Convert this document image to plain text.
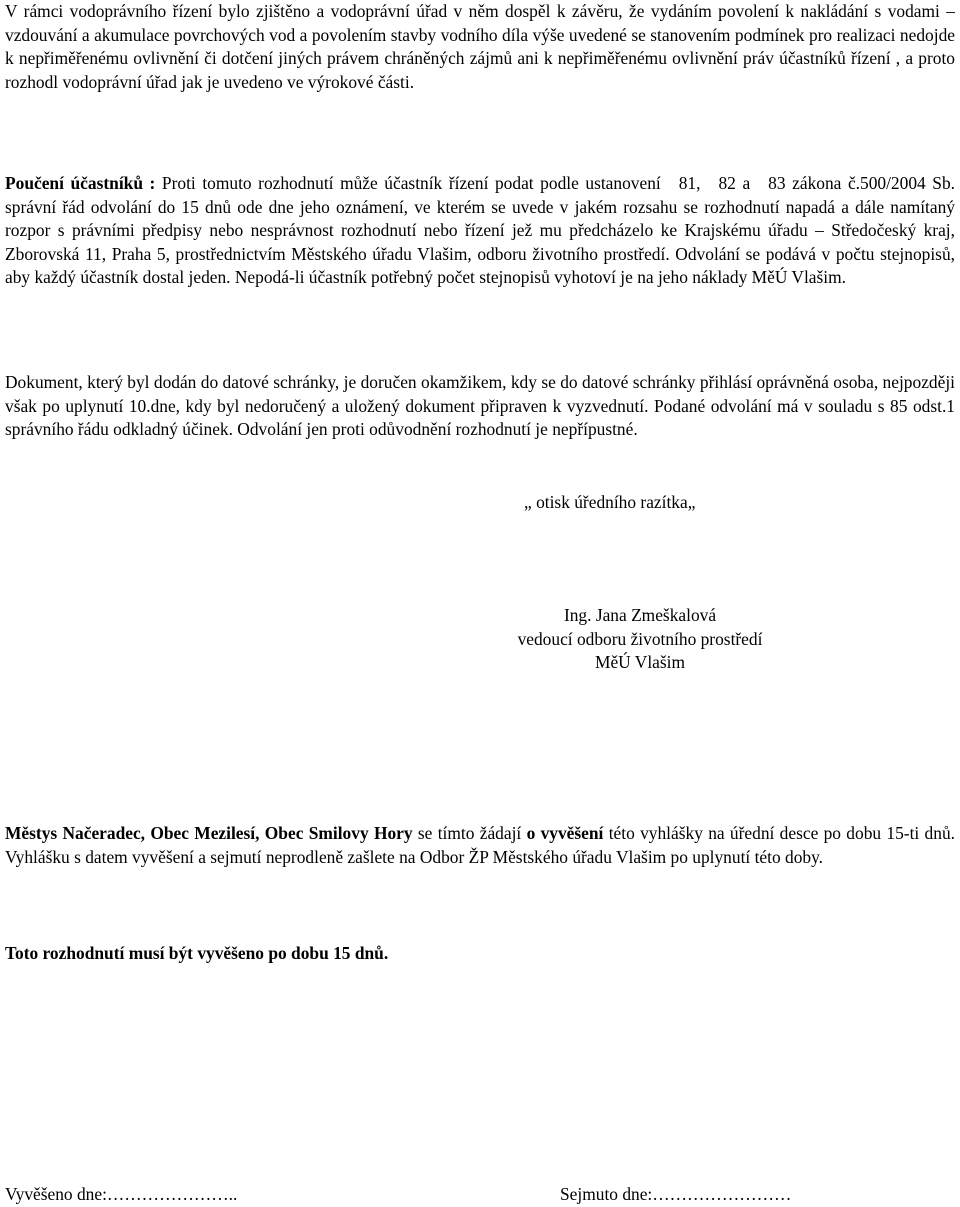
V rámci vodoprávního řízení bylo zjištěno a vodoprávní úřad v něm dospěl k závěru, že vydáním povolení k nakládání s vodami – vzdouvání a akumulace povrchových vod a povolením stavby vodního díla výše uvedené se stanovením podmínek pro realizaci nedojde k nepřiměřenému ovlivnění či dotčení jiných právem chráněných zájmů ani k nepřiměřenému ovlivnění práv účastníků řízení , a proto rozhodl vodoprávní úřad jak je uvedeno ve výrokové části.
Poučení účastníků : Proti tomuto rozhodnutí může účastník řízení podat podle ustanovení 81, 82 a 83 zákona č.500/2004 Sb. správní řád odvolání do 15 dnů ode dne jeho oznámení, ve kterém se uvede v jakém rozsahu se rozhodnutí napadá a dále namítaný rozpor s právními předpisy nebo nesprávnost rozhodnutí nebo řízení jež mu předcházelo ke Krajskému úřadu – Středočeský kraj, Zborovská 11, Praha 5, prostřednictvím Městského úřadu Vlašim, odboru životního prostředí. Odvolání se podává v počtu stejnopisů, aby každý účastník dostal jeden. Nepodá-li účastník potřebný počet stejnopisů vyhotoví je na jeho náklady MěÚ Vlašim.
Dokument, který byl dodán do datové schránky, je doručen okamžikem, kdy se do datové schránky přihlásí oprávněná osoba, nejpozději však po uplynutí 10.dne, kdy byl nedoručený a uložený dokument připraven k vyzvednutí. Podané odvolání má v souladu s 85 odst.1 správního řádu odkladný účinek. Odvolání jen proti odůvodnění rozhodnutí je nepřípustné.
„ otisk úředního razítka„
Ing. Jana Zmeškalová
vedoucí odboru životního prostředí
MěÚ Vlašim
Městys Načeradec, Obec Mezilesí, Obec Smilovy Hory se tímto žádají o vyvěšení této vyhlášky na úřední desce po dobu 15-ti dnů. Vyhlášku s datem vyvěšení a sejmutí neprodleně zašlete na Odbor ŽP Městského úřadu Vlašim po uplynutí této doby.
Toto rozhodnutí musí být vyvěšeno po dobu 15 dnů.
Vyvěšeno dne:…………………..	Sejmuto dne:……………………
